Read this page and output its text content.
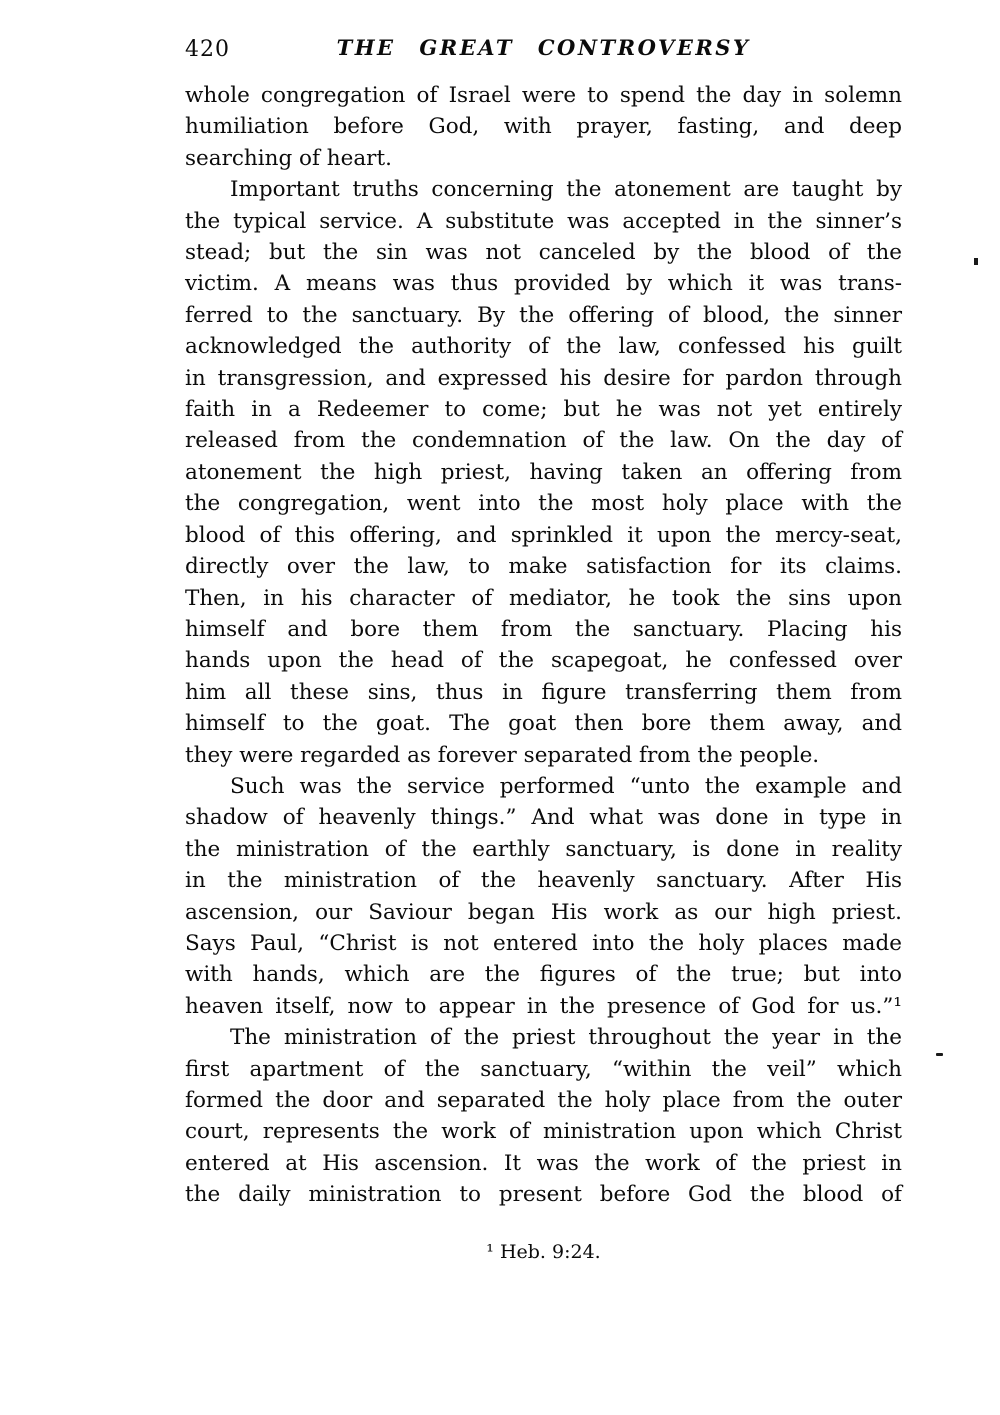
420	THE GREAT CONTROVERSY
whole congregation of Israel were to spend the day in solemn
humiliation before God, with prayer, fasting, and deep
searching of heart.
Important truths concerning the atonement are taught by
the typical service. A substitute was accepted in the sinner’s
stead; but the sin was not canceled by the blood of the
victim. A means was thus provided by which it was trans-
ferred to the sanctuary. By the offering of blood, the sinner
acknowledged the authority of the law, confessed his guilt
in transgression, and expressed his desire for pardon through
faith in a Redeemer to come; but he was not yet entirely
released from the condemnation of the law. On the day of
atonement the high priest, having taken an offering from
the congregation, went into the most holy place with the
blood of this offering, and sprinkled it upon the mercy-seat,
directly over the law, to make satisfaction for its claims.
Then, in his character of mediator, he took the sins upon
himself and bore them from the sanctuary. Placing his
hands upon the head of the scapegoat, he confessed over
him all these sins, thus in figure transferring them from
himself to the goat. The goat then bore them away, and
they were regarded as forever separated from the people.
Such was the service performed “unto the example and
shadow of heavenly things.” And what was done in type in
the ministration of the earthly sanctuary, is done in reality
in the ministration of the heavenly sanctuary. After His
ascension, our Saviour began His work as our high priest.
Says Paul, “Christ is not entered into the holy places made
with hands, which are the figures of the true; but into
heaven itself, now to appear in the presence of God for us.”¹
The ministration of the priest throughout the year in the
first apartment of the sanctuary, “within the veil” which
formed the door and separated the holy place from the outer
court, represents the work of ministration upon which Christ
entered at His ascension. It was the work of the priest in
the daily ministration to present before God the blood of
¹ Heb. 9:24.
